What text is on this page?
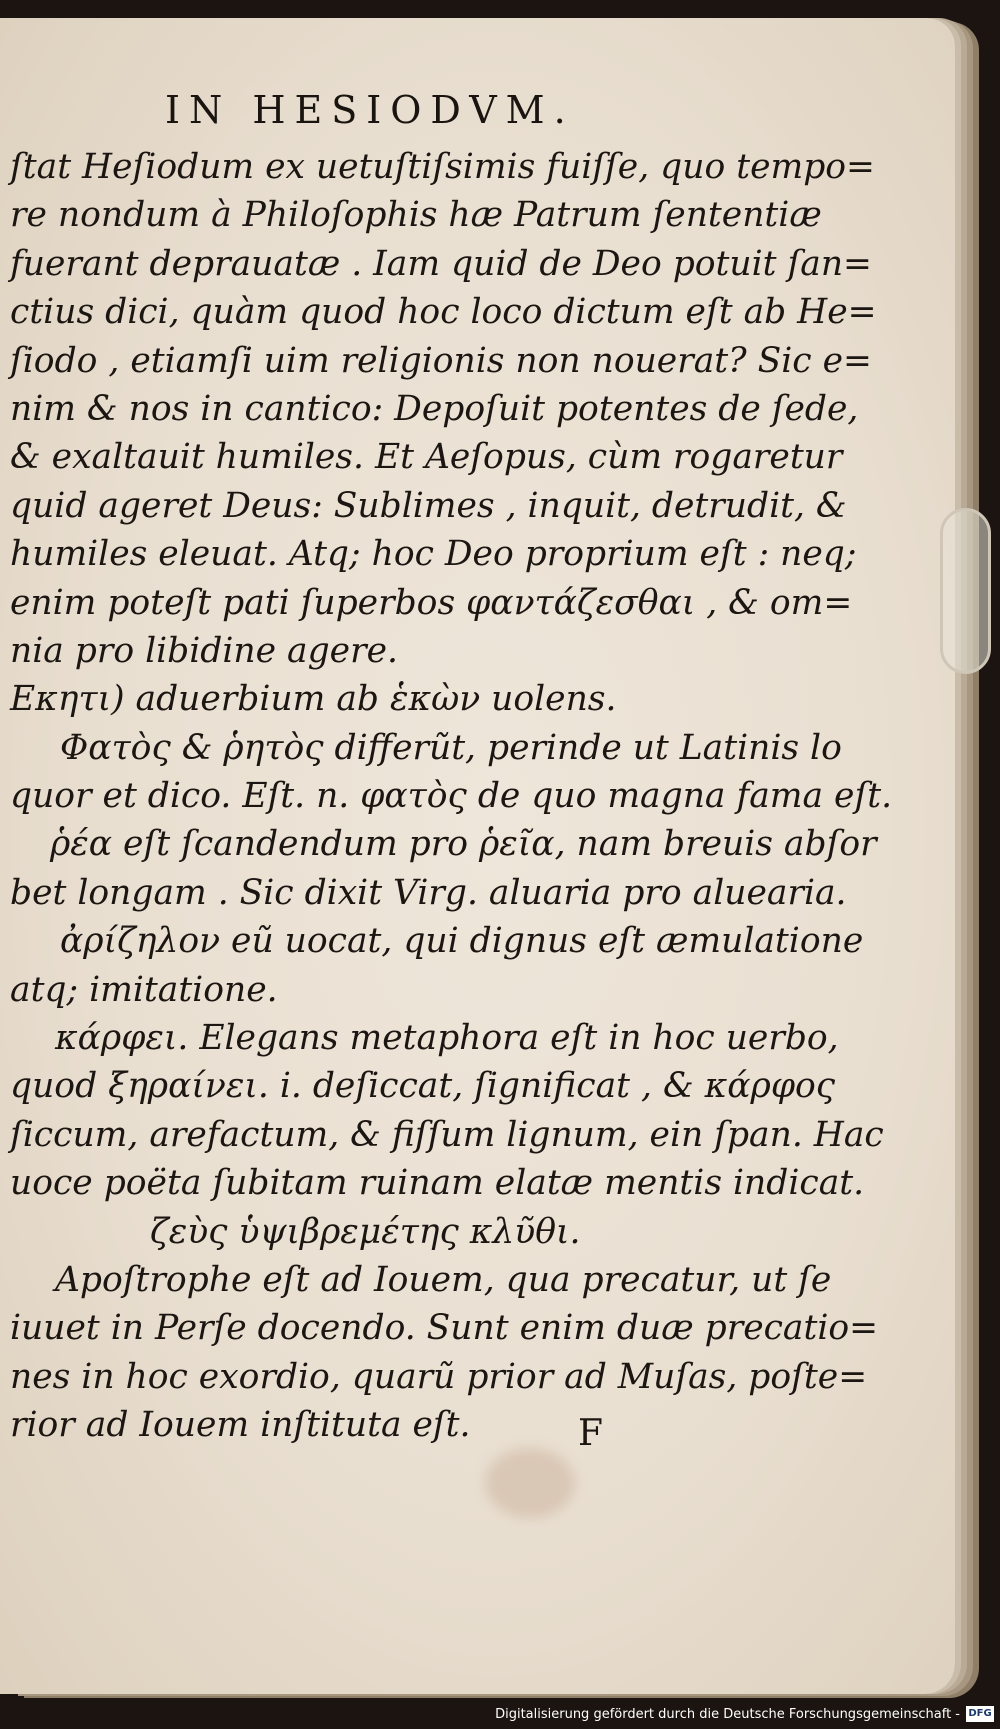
IN HESIODVM.
ſtat Heſiodum ex uetuſtiſsimis fuiſſe, quo tempo=
re nondum à Philoſophis hæ Patrum ſententiæ
fuerant deprauatæ . Iam quid de Deo potuit ſan=
ctius dici, quàm quod hoc loco dictum eſt ab He=
ſiodo , etiamſi uim religionis non nouerat? Sic e=
nim & nos in cantico: Depoſuit potentes de ſede,
& exaltauit humiles. Et Aeſopus, cùm rogaretur
quid ageret Deus: Sublimes , inquit, detrudit, &
humiles eleuat. Atq; hoc Deo proprium eſt : neq;
enim poteſt pati ſuperbos φαντάζεσθαι , & om=
nia pro libidine agere.
Εκητι) aduerbium ab ἑκὼν uolens.
Φατὸς & ῥητὸς differũt, perinde ut Latinis lo
quor et dico. Eſt. n. φατὸς de quo magna fama eſt.
ῥέα eſt ſcandendum pro ῥεῖα, nam breuis abſor
bet longam . Sic dixit Virg. aluaria pro aluearia.
ἀρίζηλον eũ uocat, qui dignus eſt æmulatione
atq; imitatione.
κάρφει. Elegans metaphora eſt in hoc uerbo,
quod ξηραίνει. i. deſiccat, ſignificat , & κάρφος
ſiccum, arefactum, & fiſſum lignum, ein ſpan. Hac
uoce poëta ſubitam ruinam elatæ mentis indicat.
ζεὺς ὑψιβρεμέτης κλῦθι.
Apoſtrophe eſt ad Iouem, qua precatur, ut ſe
iuuet in Perſe docendo. Sunt enim duæ precatio=
nes in hoc exordio, quarũ prior ad Muſas, poſte=
rior ad Iouem inſtituta eſt.	F
Digitalisierung gefördert durch die Deutsche Forschungsgemeinschaft - DFG
